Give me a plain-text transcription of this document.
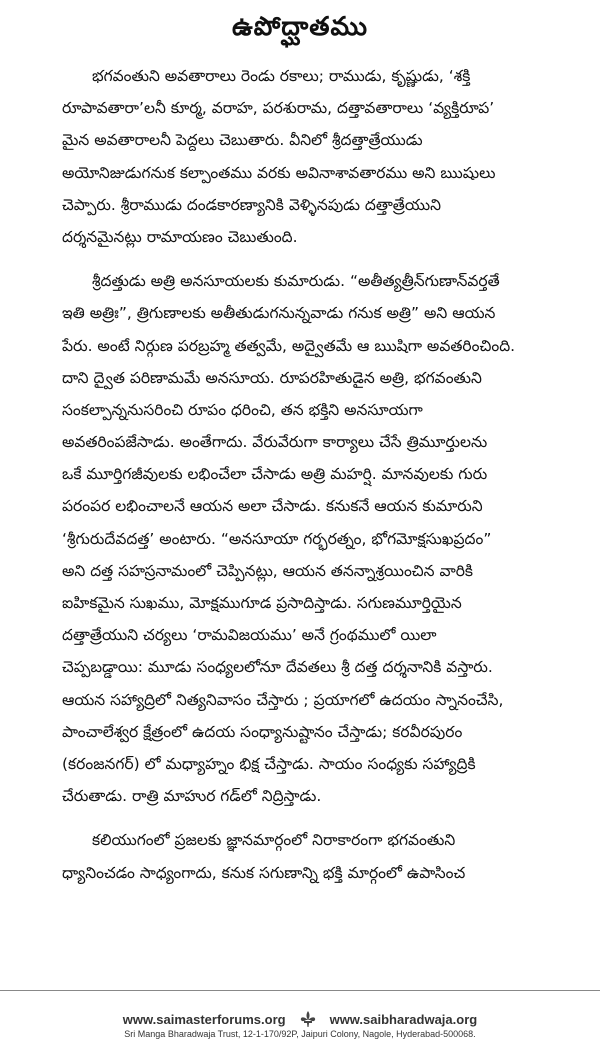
ఉపోద్ఘాతము
భగవంతుని అవతారాలు రెండు రకాలు; రాముడు, కృష్ణుడు, ‘శక్తి
రూపావతారా’లనీ కూర్మ, వరాహ, పరశురామ, దత్తావతారాలు ‘వ్యక్తిరూప’
మైన అవతారాలనీ పెద్దలు చెబుతారు. వీనిలో శ్రీదత్తాత్రేయుడు
అయోనిజుడుగనుక కల్పాంతము వరకు అవినాశావతారము అని ఋషులు
చెప్పారు. శ్రీరాముడు దండకారణ్యానికి వెళ్ళినపుడు దత్తాత్రేయుని
దర్శనమైనట్లు రామాయణం చెబుతుంది.
శ్రీదత్తుడు అత్రి అనసూయలకు కుమారుడు. “అతీత్యత్రీన్‌గుణాన్‌వర్తతే
ఇతి అత్రిః”, త్రిగుణాలకు అతీతుడుగనున్నవాడు గనుక అత్రి” అని ఆయన
పేరు. అంటే నిర్గుణ పరబ్రహ్మ తత్వమే, అద్వైతమే ఆ ఋషిగా అవతరించింది.
దాని ద్వైత పరిణామమే అనసూయ. రూపరహితుడైన అత్రి, భగవంతుని
సంకల్పాన్ననుసరించి రూపం ధరించి, తన భక్తిని అనసూయగా
అవతరింపజేసాడు. అంతేగాదు. వేరువేరుగా కార్యాలు చేసే త్రిమూర్తులను
ఒకే మూర్తిగజీవులకు లభించేలా చేసాడు అత్రి మహర్షి. మానవులకు గురు
పరంపర లభించాలనే ఆయన అలా చేసాడు. కనుకనే ఆయన కుమారుని
‘శ్రీగురుదేవదత్త’ అంటారు. “అనసూయా గర్భరత్నం, భోగమోక్షసుఖప్రదం”
అని దత్త సహస్రనామంలో చెప్పినట్లు, ఆయన తనన్నాశ్రయించిన వారికి
ఐహికమైన సుఖము, మోక్షముగూడ ప్రసాదిస్తాడు. సగుణమూర్తియైన
దత్తాత్రేయుని చర్యలు ‘రామవిజయము’ అనే గ్రంథములో యిలా
చెప్పబడ్డాయి: మూడు సంధ్యలలోనూ దేవతలు శ్రీ దత్త దర్శనానికి వస్తారు.
ఆయన సహ్యాద్రిలో నిత్యనివాసం చేస్తారు ; ప్రయాగలో ఉదయం స్నానంచేసి,
పాంచాలేశ్వర క్షేత్రంలో ఉదయ సంధ్యానుష్టానం చేస్తాడు; కరవీరపురం
(కరంజనగర్) లో మధ్యాహ్నం భిక్ష చేస్తాడు. సాయం సంధ్యకు సహ్యాద్రికి
చేరుతాడు. రాత్రి మాహుర గడ్‌లో నిద్రిస్తాడు.
కలియుగంలో ప్రజలకు జ్ఞానమార్గంలో నిరాకారంగా భగవంతుని
ధ్యానించడం సాధ్యంగాదు, కనుక సగుణాన్ని భక్తి మార్గంలో ఉపాసించ
www.saimasterforums.org	www.saibharadwaja.org
Sri Manga Bharadwaja Trust, 12-1-170/92P, Jaipuri Colony, Nagole, Hyderabad-500068.
